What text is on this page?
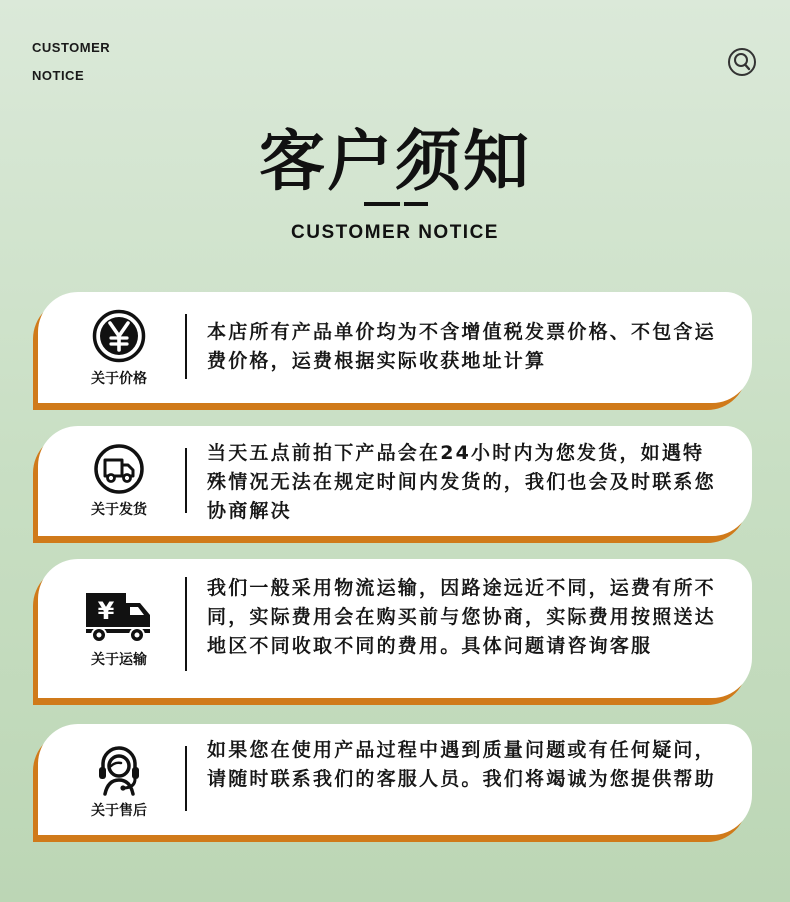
CUSTOMER
NOTICE
客户须知
CUSTOMER NOTICE
关于价格
本店所有产品单价均为不含增值税发票价格、不包含运费价格，运费根据实际收获地址计算
关于发货
当天五点前拍下产品会在24小时内为您发货，如遇特殊情况无法在规定时间内发货的，我们也会及时联系您协商解决
¥
关于运输
我们一般采用物流运输，因路途远近不同，运费有所不同，实际费用会在购买前与您协商，实际费用按照送达地区不同收取不同的费用。具体问题请咨询客服
关于售后
如果您在使用产品过程中遇到质量问题或有任何疑问，请随时联系我们的客服人员。我们将竭诚为您提供帮助
